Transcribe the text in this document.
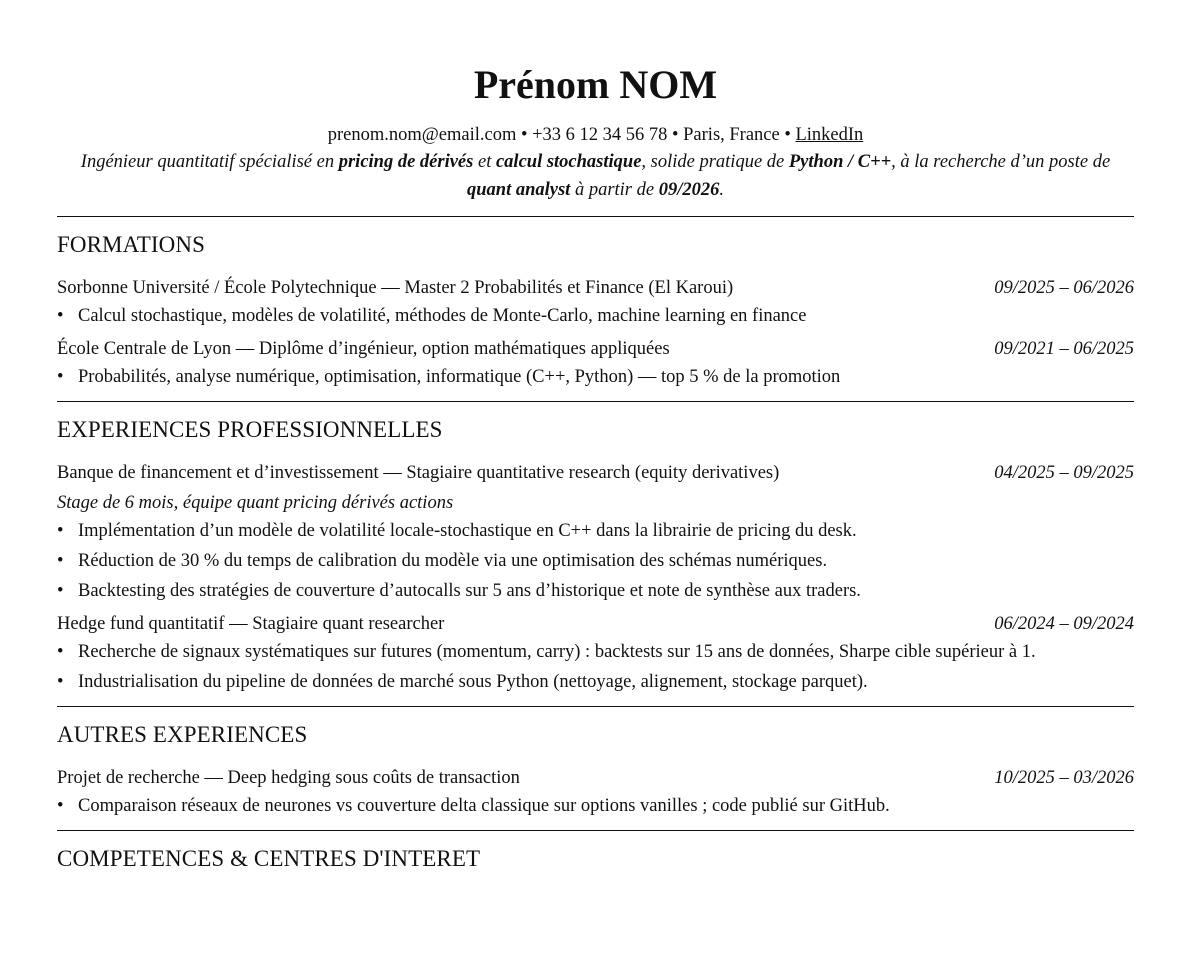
Prénom NOM
prenom.nom@email.com • +33 6 12 34 56 78 • Paris, France • LinkedIn
Ingénieur quantitatif spécialisé en pricing de dérivés et calcul stochastique, solide pratique de Python / C++, à la recherche d’un poste de quant analyst à partir de 09/2026.
FORMATIONS
Sorbonne Université / École Polytechnique — Master 2 Probabilités et Finance (El Karoui)	09/2025 – 06/2026
• Calcul stochastique, modèles de volatilité, méthodes de Monte-Carlo, machine learning en finance
École Centrale de Lyon — Diplôme d’ingénieur, option mathématiques appliquées	09/2021 – 06/2025
• Probabilités, analyse numérique, optimisation, informatique (C++, Python) — top 5 % de la promotion
EXPERIENCES PROFESSIONNELLES
Banque de financement et d’investissement — Stagiaire quantitative research (equity derivatives)	04/2025 – 09/2025
Stage de 6 mois, équipe quant pricing dérivés actions
• Implémentation d’un modèle de volatilité locale-stochastique en C++ dans la librairie de pricing du desk.
• Réduction de 30 % du temps de calibration du modèle via une optimisation des schémas numériques.
• Backtesting des stratégies de couverture d’autocalls sur 5 ans d’historique et note de synthèse aux traders.
Hedge fund quantitatif — Stagiaire quant researcher	06/2024 – 09/2024
• Recherche de signaux systématiques sur futures (momentum, carry) : backtests sur 15 ans de données, Sharpe cible supérieur à 1.
• Industrialisation du pipeline de données de marché sous Python (nettoyage, alignement, stockage parquet).
AUTRES EXPERIENCES
Projet de recherche — Deep hedging sous coûts de transaction	10/2025 – 03/2026
• Comparaison réseaux de neurones vs couverture delta classique sur options vanilles ; code publié sur GitHub.
COMPETENCES & CENTRES D'INTERET
